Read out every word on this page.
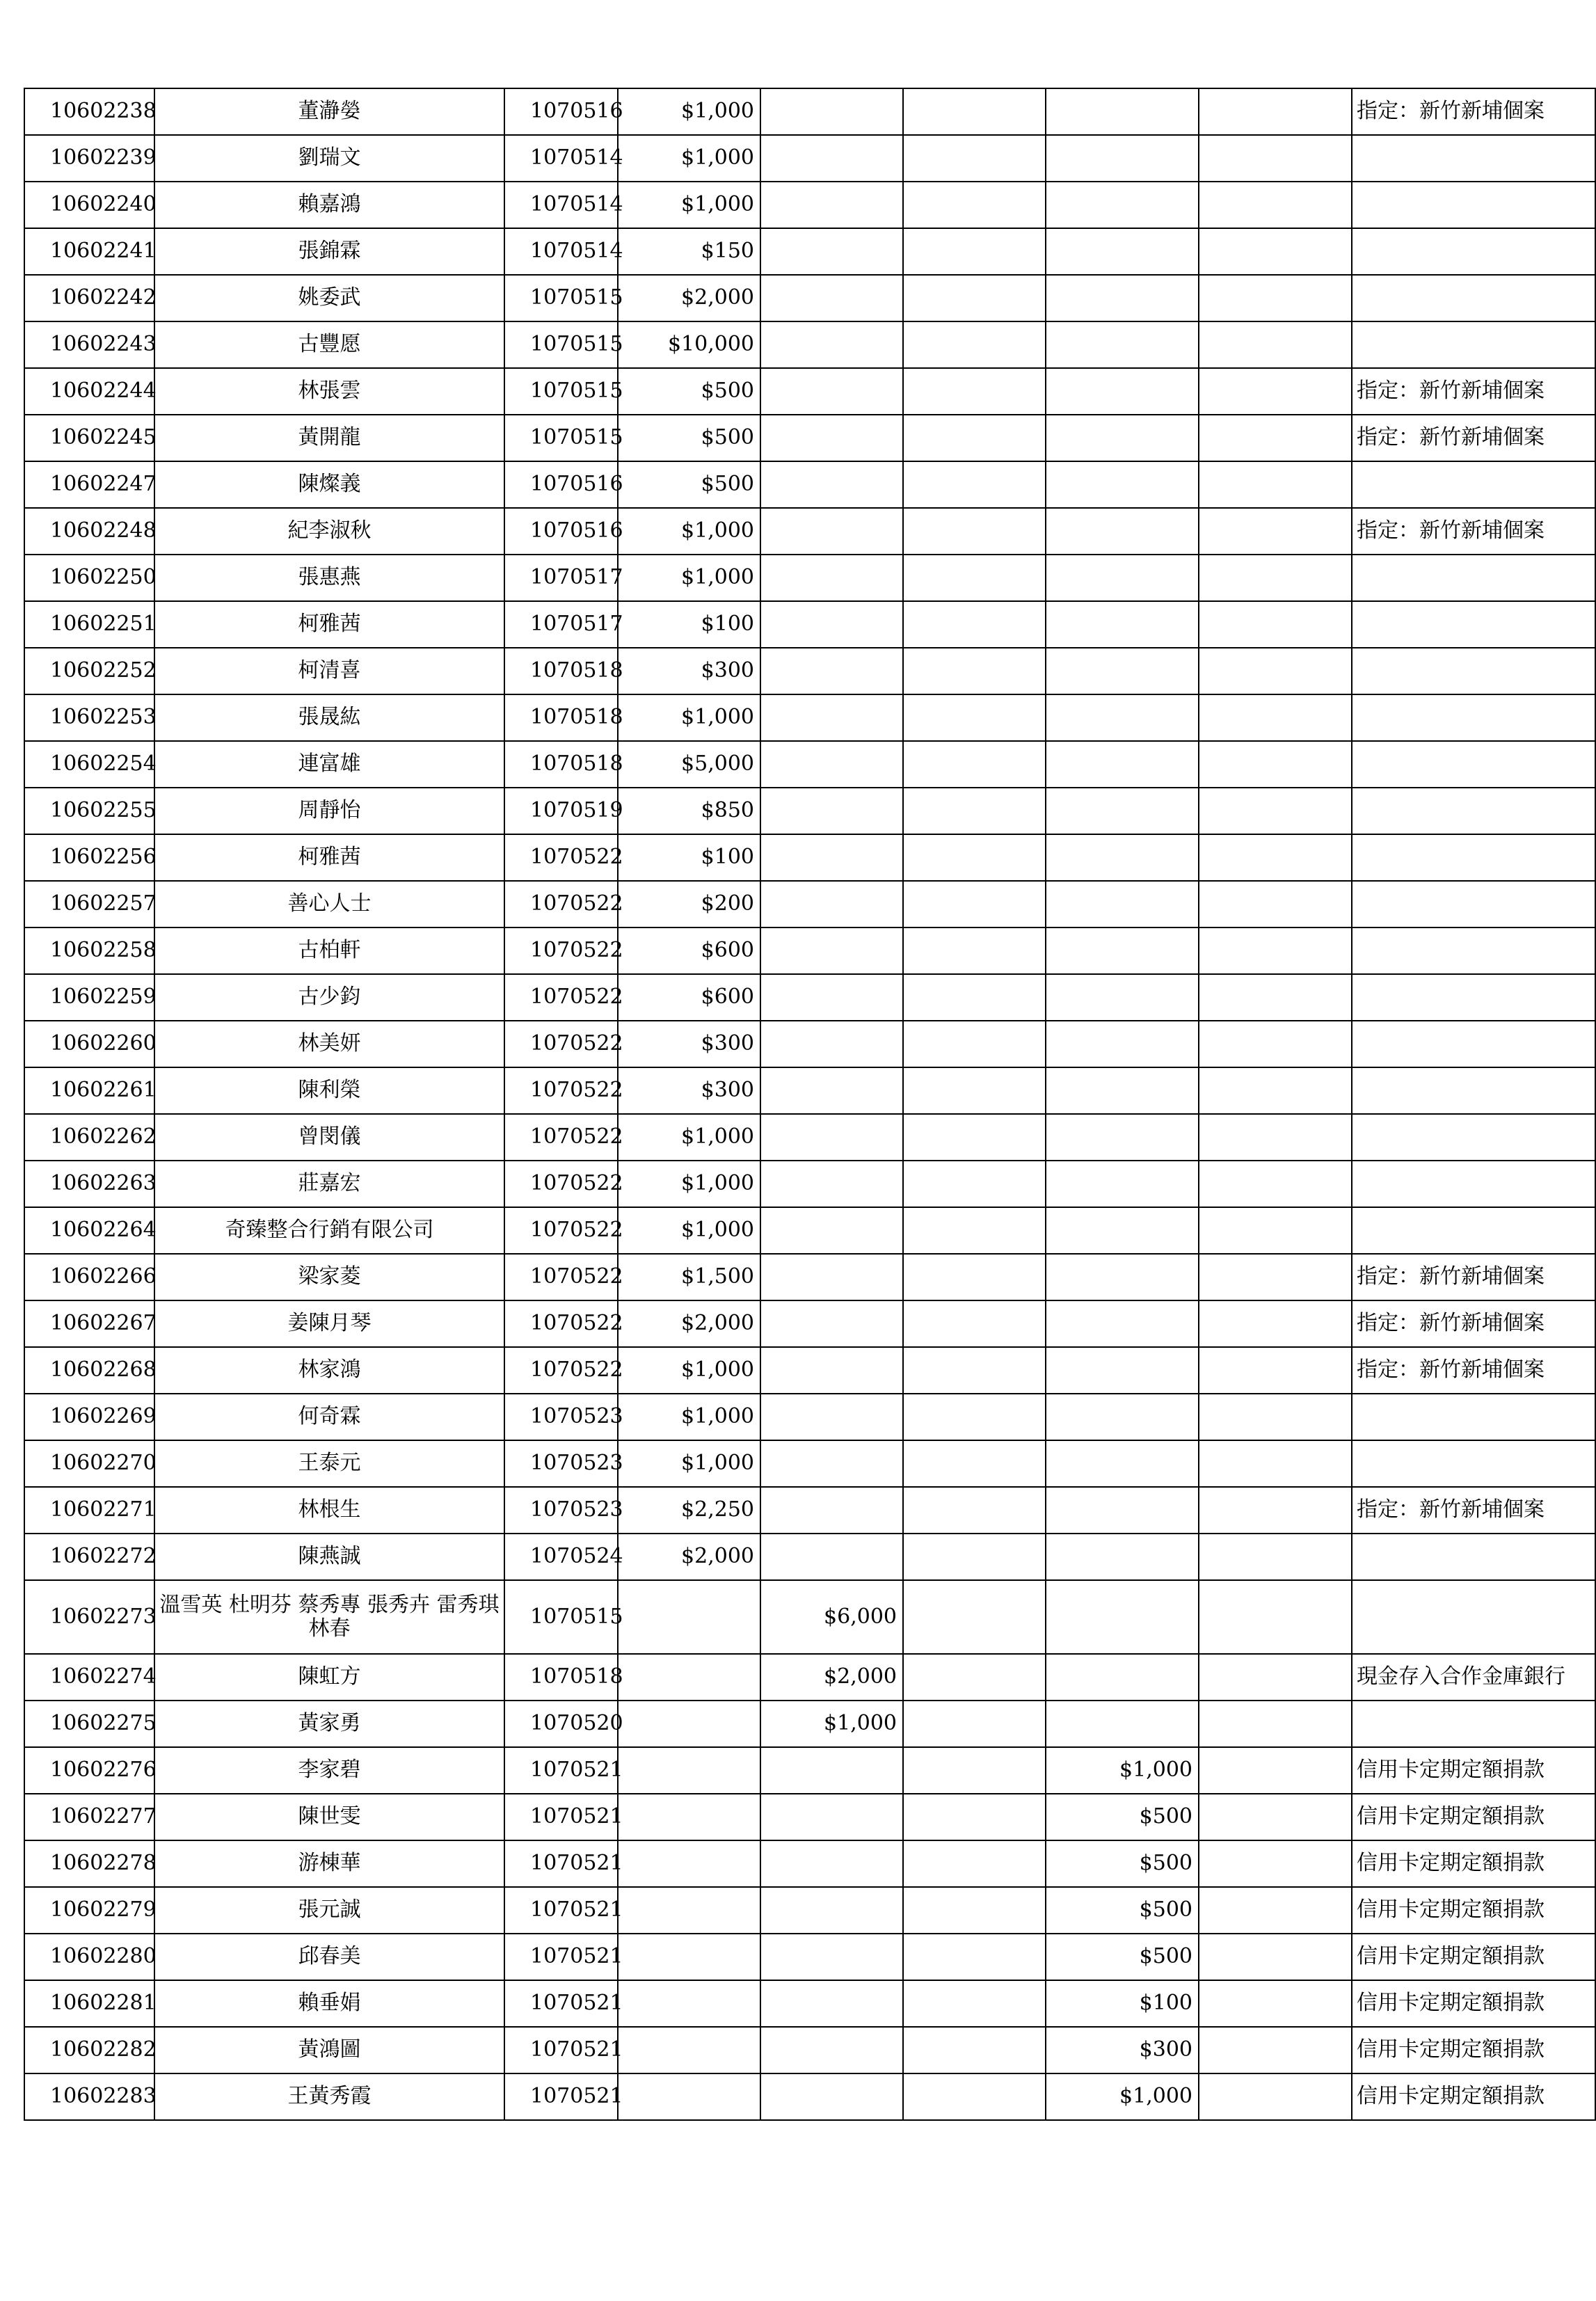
10602238	董瀞嫈	1070516	$1,000					指定：新竹新埔個案
10602239	劉瑞文	1070514	$1,000					
10602240	賴嘉鴻	1070514	$1,000					
10602241	張錦霖	1070514	$150					
10602242	姚委武	1070515	$2,000					
10602243	古豐愿	1070515	$10,000					
10602244	林張雲	1070515	$500					指定：新竹新埔個案
10602245	黃開龍	1070515	$500					指定：新竹新埔個案
10602247	陳燦義	1070516	$500					
10602248	紀李淑秋	1070516	$1,000					指定：新竹新埔個案
10602250	張惠燕	1070517	$1,000					
10602251	柯雅茜	1070517	$100					
10602252	柯清喜	1070518	$300					
10602253	張晟紘	1070518	$1,000					
10602254	連富雄	1070518	$5,000					
10602255	周靜怡	1070519	$850					
10602256	柯雅茜	1070522	$100					
10602257	善心人士	1070522	$200					
10602258	古柏軒	1070522	$600					
10602259	古少鈞	1070522	$600					
10602260	林美妍	1070522	$300					
10602261	陳利榮	1070522	$300					
10602262	曾閔儀	1070522	$1,000					
10602263	莊嘉宏	1070522	$1,000					
10602264	奇臻整合行銷有限公司	1070522	$1,000					
10602266	梁家菱	1070522	$1,500					指定：新竹新埔個案
10602267	姜陳月琴	1070522	$2,000					指定：新竹新埔個案
10602268	林家鴻	1070522	$1,000					指定：新竹新埔個案
10602269	何奇霖	1070523	$1,000					
10602270	王泰元	1070523	$1,000					
10602271	林根生	1070523	$2,250					指定：新竹新埔個案
10602272	陳燕誠	1070524	$2,000					
10602273	溫雪英 杜明芬 蔡秀專 張秀卉 雷秀琪 林春	1070515		$6,000				
10602274	陳虹方	1070518		$2,000				現金存入合作金庫銀行
10602275	黃家勇	1070520		$1,000				
10602276	李家碧	1070521				$1,000		信用卡定期定額捐款
10602277	陳世雯	1070521				$500		信用卡定期定額捐款
10602278	游棟華	1070521				$500		信用卡定期定額捐款
10602279	張元誠	1070521				$500		信用卡定期定額捐款
10602280	邱春美	1070521				$500		信用卡定期定額捐款
10602281	賴垂娟	1070521				$100		信用卡定期定額捐款
10602282	黃鴻圖	1070521				$300		信用卡定期定額捐款
10602283	王黃秀霞	1070521				$1,000		信用卡定期定額捐款
